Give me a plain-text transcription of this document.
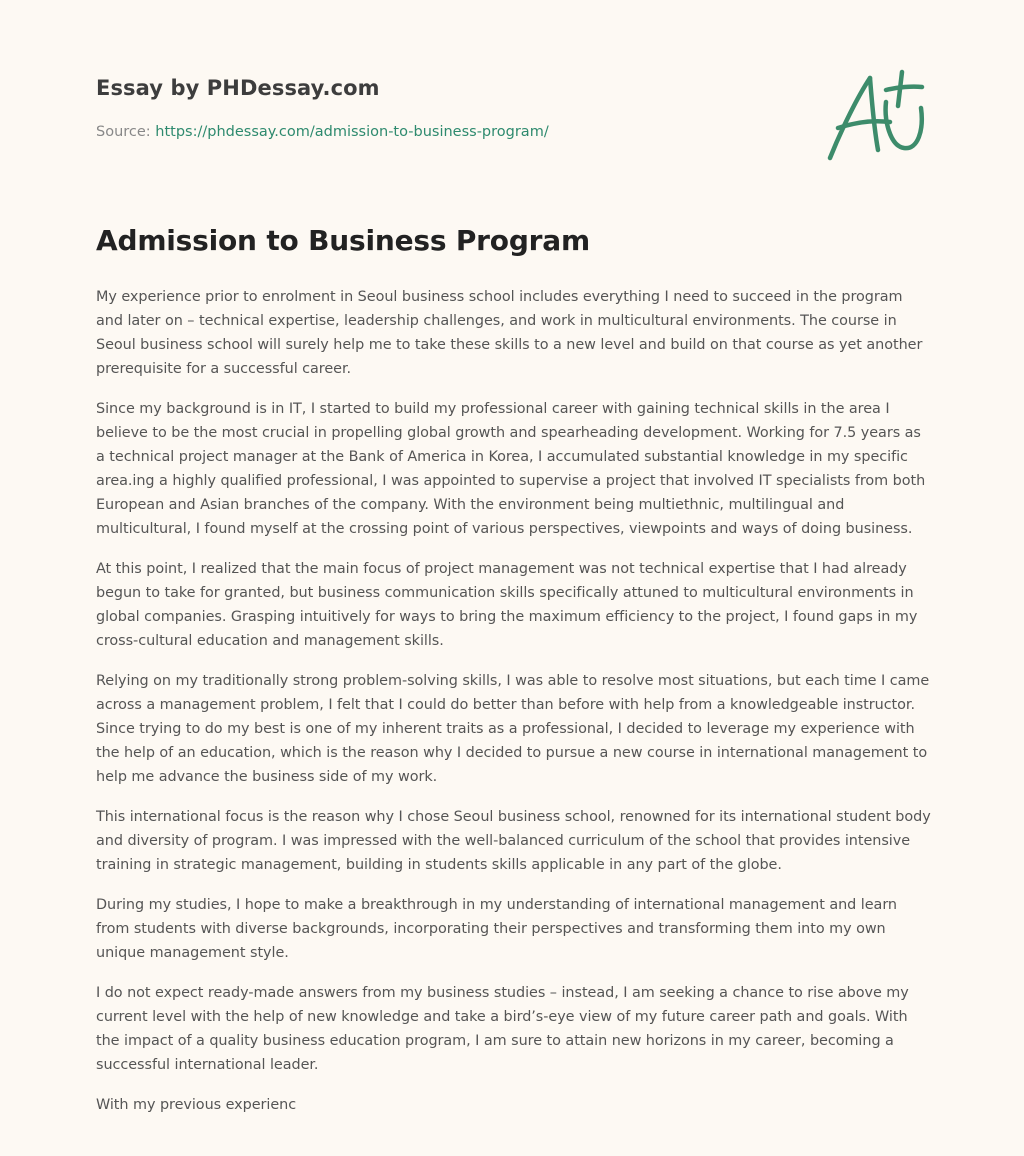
Essay by PHDessay.com
Source: https://phdessay.com/admission-to-business-program/
Admission to Business Program

My experience prior to enrolment in Seoul business school includes everything I need to succeed in the program and later on – technical expertise, leadership challenges, and work in multicultural environments. The course in Seoul business school will surely help me to take these skills to a new level and build on that course as yet another prerequisite for a successful career.

Since my background is in IT, I started to build my professional career with gaining technical skills in the area I believe to be the most crucial in propelling global growth and spearheading development. Working for 7.5 years as a technical project manager at the Bank of America in Korea, I accumulated substantial knowledge in my specific area.ing a highly qualified professional, I was appointed to supervise a project that involved IT specialists from both European and Asian branches of the company. With the environment being multiethnic, multilingual and multicultural, I found myself at the crossing point of various perspectives, viewpoints and ways of doing business.

At this point, I realized that the main focus of project management was not technical expertise that I had already begun to take for granted, but business communication skills specifically attuned to multicultural environments in global companies. Grasping intuitively for ways to bring the maximum efficiency to the project, I found gaps in my cross-cultural education and management skills.

Relying on my traditionally strong problem-solving skills, I was able to resolve most situations, but each time I came across a management problem, I felt that I could do better than before with help from a knowledgeable instructor. Since trying to do my best is one of my inherent traits as a professional, I decided to leverage my experience with the help of an education, which is the reason why I decided to pursue a new course in international management to help me advance the business side of my work.

This international focus is the reason why I chose Seoul business school, renowned for its international student body and diversity of program. I was impressed with the well-balanced curriculum of the school that provides intensive training in strategic management, building in students skills applicable in any part of the globe.

During my studies, I hope to make a breakthrough in my understanding of international management and learn from students with diverse backgrounds, incorporating their perspectives and transforming them into my own unique management style.

I do not expect ready-made answers from my business studies – instead, I am seeking a chance to rise above my current level with the help of new knowledge and take a bird’s-eye view of my future career path and goals. With the impact of a quality business education program, I am sure to attain new horizons in my career, becoming a successful international leader.

With my previous experienc
